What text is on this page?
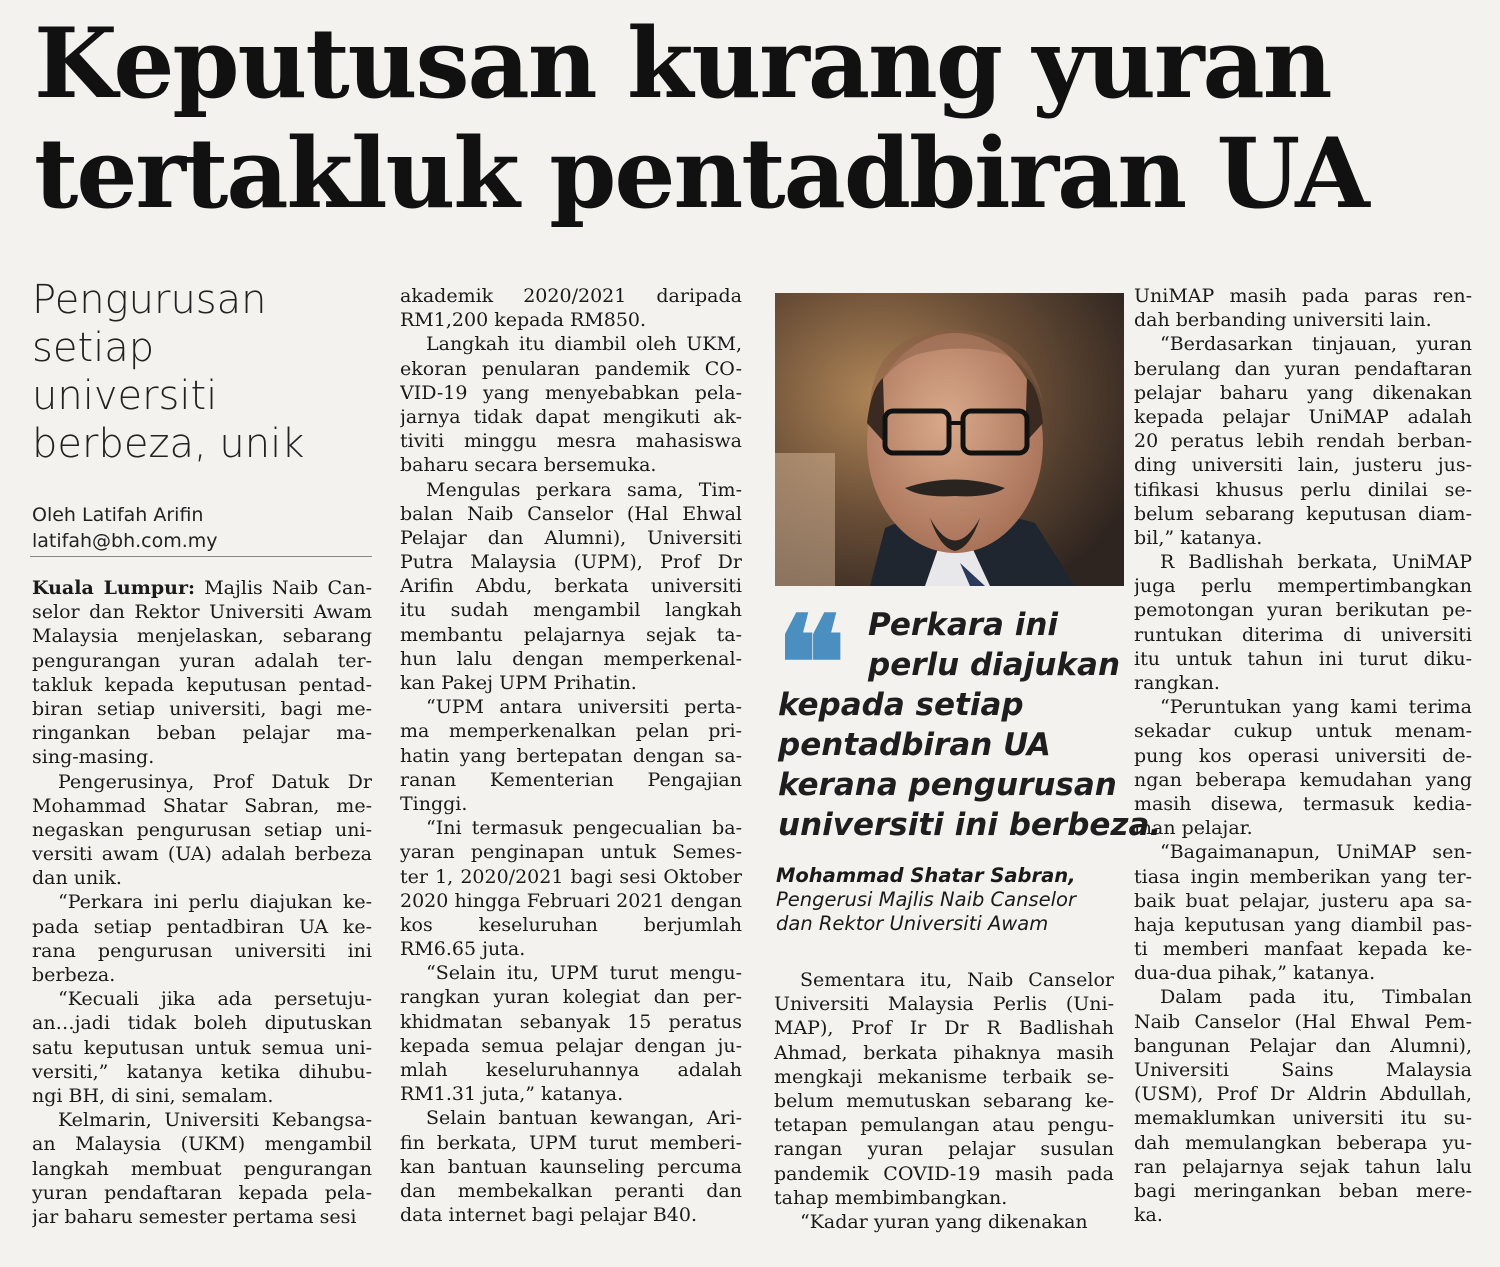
Keputusan kurang yuran
tertakluk pentadbiran UA
Pengurusan
setiap
universiti
berbeza, unik
Oleh Latifah Arifin
latifah@bh.com.my
Kuala Lumpur: Majlis Naib Can-
selor dan Rektor Universiti Awam
Malaysia menjelaskan, sebarang
pengurangan yuran adalah ter-
takluk kepada keputusan pentad-
biran setiap universiti, bagi me-
ringankan beban pelajar ma-
sing-masing.
Pengerusinya, Prof Datuk Dr
Mohammad Shatar Sabran, me-
negaskan pengurusan setiap uni-
versiti awam (UA) adalah berbeza
dan unik.
“Perkara ini perlu diajukan ke-
pada setiap pentadbiran UA ke-
rana pengurusan universiti ini
berbeza.
“Kecuali jika ada persetuju-
an…jadi tidak boleh diputuskan
satu keputusan untuk semua uni-
versiti,” katanya ketika dihubu-
ngi BH, di sini, semalam.
Kelmarin, Universiti Kebangsa-
an Malaysia (UKM) mengambil
langkah membuat pengurangan
yuran pendaftaran kepada pela-
jar baharu semester pertama sesi
akademik 2020/2021 daripada
RM1,200 kepada RM850.
Langkah itu diambil oleh UKM,
ekoran penularan pandemik CO-
VID-19 yang menyebabkan pela-
jarnya tidak dapat mengikuti ak-
tiviti minggu mesra mahasiswa
baharu secara bersemuka.
Mengulas perkara sama, Tim-
balan Naib Canselor (Hal Ehwal
Pelajar dan Alumni), Universiti
Putra Malaysia (UPM), Prof Dr
Arifin Abdu, berkata universiti
itu sudah mengambil langkah
membantu pelajarnya sejak ta-
hun lalu dengan memperkenal-
kan Pakej UPM Prihatin.
“UPM antara universiti perta-
ma memperkenalkan pelan pri-
hatin yang bertepatan dengan sa-
ranan Kementerian Pengajian
Tinggi.
“Ini termasuk pengecualian ba-
yaran penginapan untuk Semes-
ter 1, 2020/2021 bagi sesi Oktober
2020 hingga Februari 2021 dengan
kos keseluruhan berjumlah
RM6.65 juta.
“Selain itu, UPM turut mengu-
rangkan yuran kolegiat dan per-
khidmatan sebanyak 15 peratus
kepada semua pelajar dengan ju-
mlah keseluruhannya adalah
RM1.31 juta,” katanya.
Selain bantuan kewangan, Ari-
fin berkata, UPM turut memberi-
kan bantuan kaunseling percuma
dan membekalkan peranti dan
data internet bagi pelajar B40.
❝ Perkara ini
perlu diajukan
kepada setiap
pentadbiran UA
kerana pengurusan
universiti ini berbeza.
Mohammad Shatar Sabran,
Pengerusi Majlis Naib Canselor
dan Rektor Universiti Awam
Sementara itu, Naib Canselor
Universiti Malaysia Perlis (Uni-
MAP), Prof Ir Dr R Badlishah
Ahmad, berkata pihaknya masih
mengkaji mekanisme terbaik se-
belum memutuskan sebarang ke-
tetapan pemulangan atau pengu-
rangan yuran pelajar susulan
pandemik COVID-19 masih pada
tahap membimbangkan.
“Kadar yuran yang dikenakan
UniMAP masih pada paras ren-
dah berbanding universiti lain.
“Berdasarkan tinjauan, yuran
berulang dan yuran pendaftaran
pelajar baharu yang dikenakan
kepada pelajar UniMAP adalah
20 peratus lebih rendah berban-
ding universiti lain, justeru jus-
tifikasi khusus perlu dinilai se-
belum sebarang keputusan diam-
bil,” katanya.
R Badlishah berkata, UniMAP
juga perlu mempertimbangkan
pemotongan yuran berikutan pe-
runtukan diterima di universiti
itu untuk tahun ini turut diku-
rangkan.
“Peruntukan yang kami terima
sekadar cukup untuk menam-
pung kos operasi universiti de-
ngan beberapa kemudahan yang
masih disewa, termasuk kedia-
man pelajar.
“Bagaimanapun, UniMAP sen-
tiasa ingin memberikan yang ter-
baik buat pelajar, justeru apa sa-
haja keputusan yang diambil pas-
ti memberi manfaat kepada ke-
dua-dua pihak,” katanya.
Dalam pada itu, Timbalan
Naib Canselor (Hal Ehwal Pem-
bangunan Pelajar dan Alumni),
Universiti Sains Malaysia
(USM), Prof Dr Aldrin Abdullah,
memaklumkan universiti itu su-
dah memulangkan beberapa yu-
ran pelajarnya sejak tahun lalu
bagi meringankan beban mere-
ka.
